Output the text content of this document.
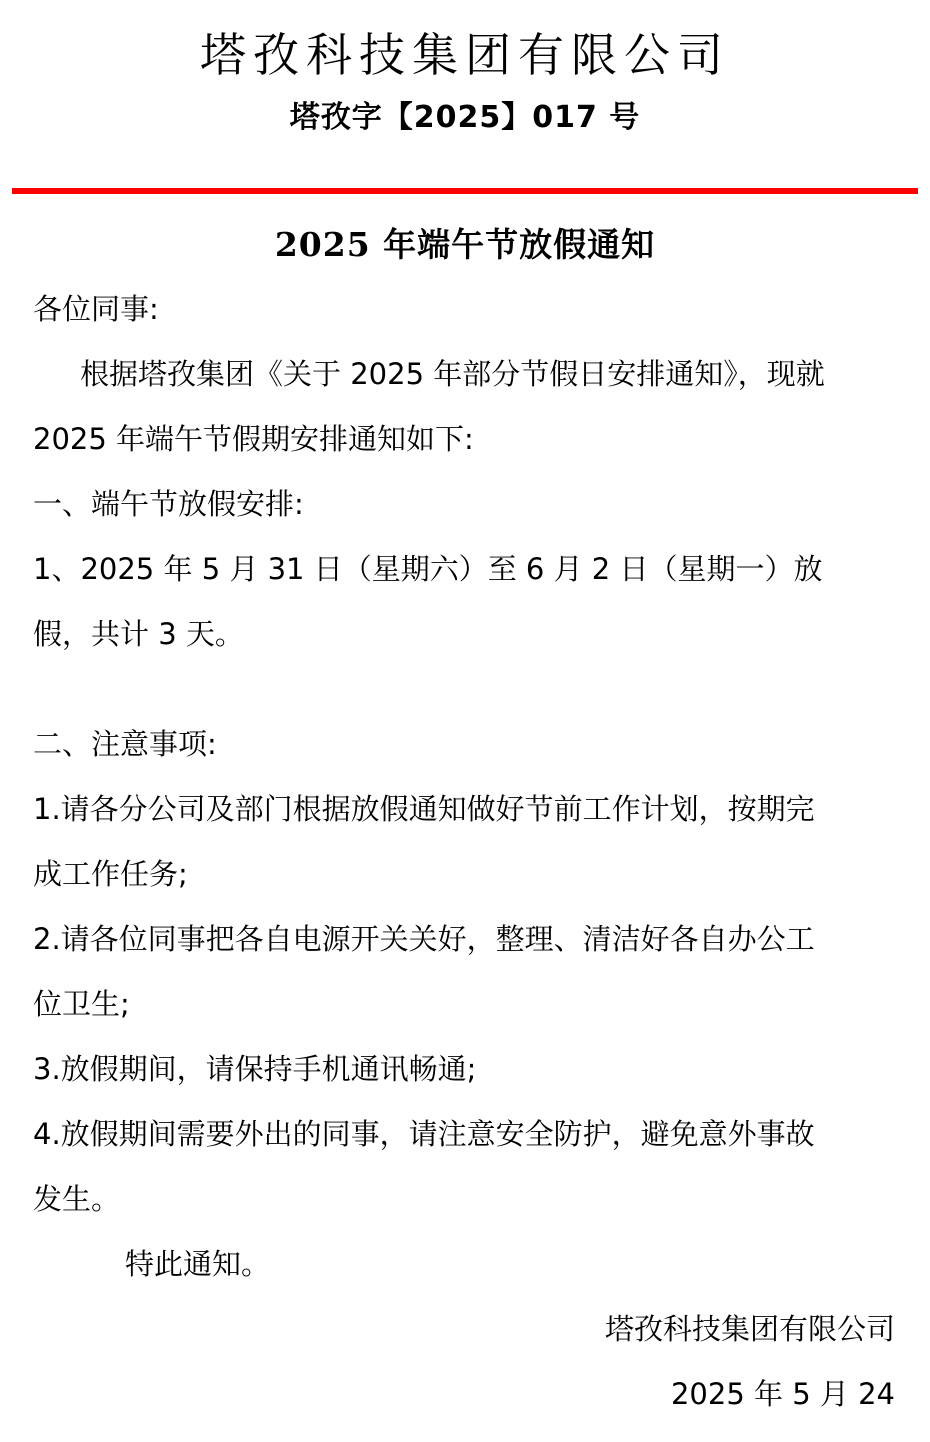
塔孜科技集团有限公司
塔孜字【2025】017 号
2025 年端午节放假通知
各位同事:
根据塔孜集团《关于 2025 年部分节假日安排通知》，现就
2025 年端午节假期安排通知如下:
一、端午节放假安排:
1、2025 年 5 月 31 日（星期六）至 6 月 2 日（星期一）放
假，共计 3 天。
二、注意事项:
1.请各分公司及部门根据放假通知做好节前工作计划，按期完
成工作任务;
2.请各位同事把各自电源开关关好，整理、清洁好各自办公工
位卫生;
3.放假期间，请保持手机通讯畅通;
4.放假期间需要外出的同事，请注意安全防护，避免意外事故
发生。
特此通知。
塔孜科技集团有限公司
2025 年 5 月 24
